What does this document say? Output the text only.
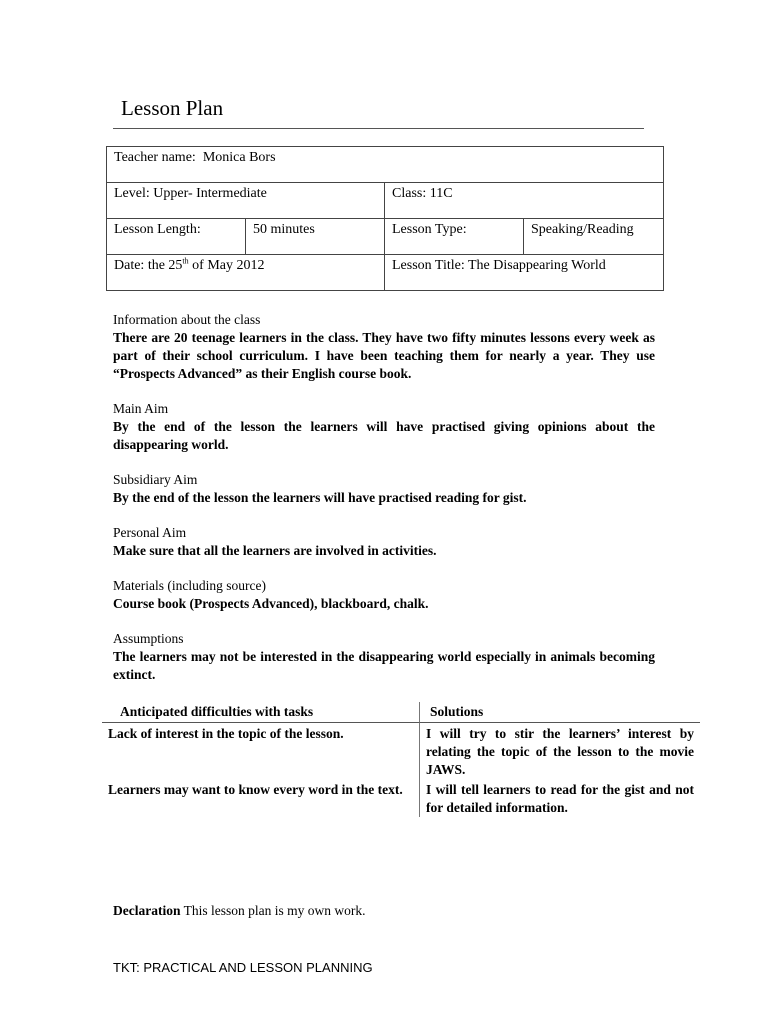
Lesson Plan
Teacher name: Monica Bors			
Level: Upper- Intermediate		Class: 11C	
Lesson Length:	50 minutes	Lesson Type:	Speaking/Reading
Date: the 25th of May 2012		Lesson Title: The Disappearing World	
Information about the class
There are 20 teenage learners in the class. They have two fifty minutes lessons every week as part of their school curriculum. I have been teaching them for nearly a year. They use “Prospects Advanced” as their English course book.
Main Aim
By the end of the lesson the learners will have practised giving opinions about the disappearing world.
Subsidiary Aim
By the end of the lesson the learners will have practised reading for gist.
Personal Aim
Make sure that all the learners are involved in activities.
Materials (including source)
Course book (Prospects Advanced), blackboard, chalk.
Assumptions
The learners may not be interested in the disappearing world especially in animals becoming extinct.
Anticipated difficulties with tasks	Solutions
Lack of interest in the topic of the lesson.	I will try to stir the learners’ interest by relating the topic of the lesson to the movie JAWS.
Learners may want to know every word in the text.	I will tell learners to read for the gist and not for detailed information.
Declaration This lesson plan is my own work.
TKT: PRACTICAL AND LESSON PLANNING
